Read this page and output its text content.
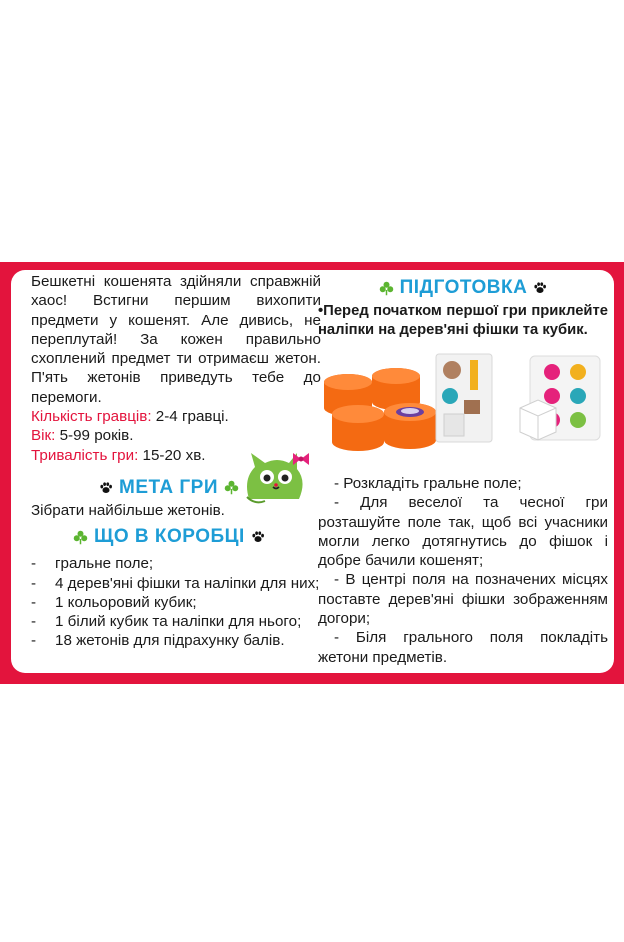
Бешкетні кошенята здійняли справжній хаос! Встигни першим вихопити предмети у кошенят. Але дивись, не переплутай! За кожен правильно схоплений предмет ти отримаєш жетон. П'ять жетонів приведуть тебе до перемоги.

Кількість гравців: 2-4 гравці.

Вік: 5-99 років.

Тривалість гри: 15-20 хв.

МЕТА ГРИ

Зібрати найбільше жетонів.

ЩО В КОРОБЦІ
- гральне поле;
- 4 дерев'яні фішки та наліпки для них;
- 1 кольоровий кубик;
- 1 білий кубик та наліпки для нього;
- 18 жетонів для підрахунку балів.
ПІДГОТОВКА

•Перед початком першої гри приклейте наліпки на дерев'яні фішки та кубик.

- Розкладіть гральне поле;
- Для веселої та чесної гри розташуйте поле так, щоб всі учасники могли легко дотягнутись до фішок і добре бачили кошенят;
- В центрі поля на позначених місцях поставте дерев'яні фішки зображенням догори;
- Біля грального поля покладіть жетони предметів.
